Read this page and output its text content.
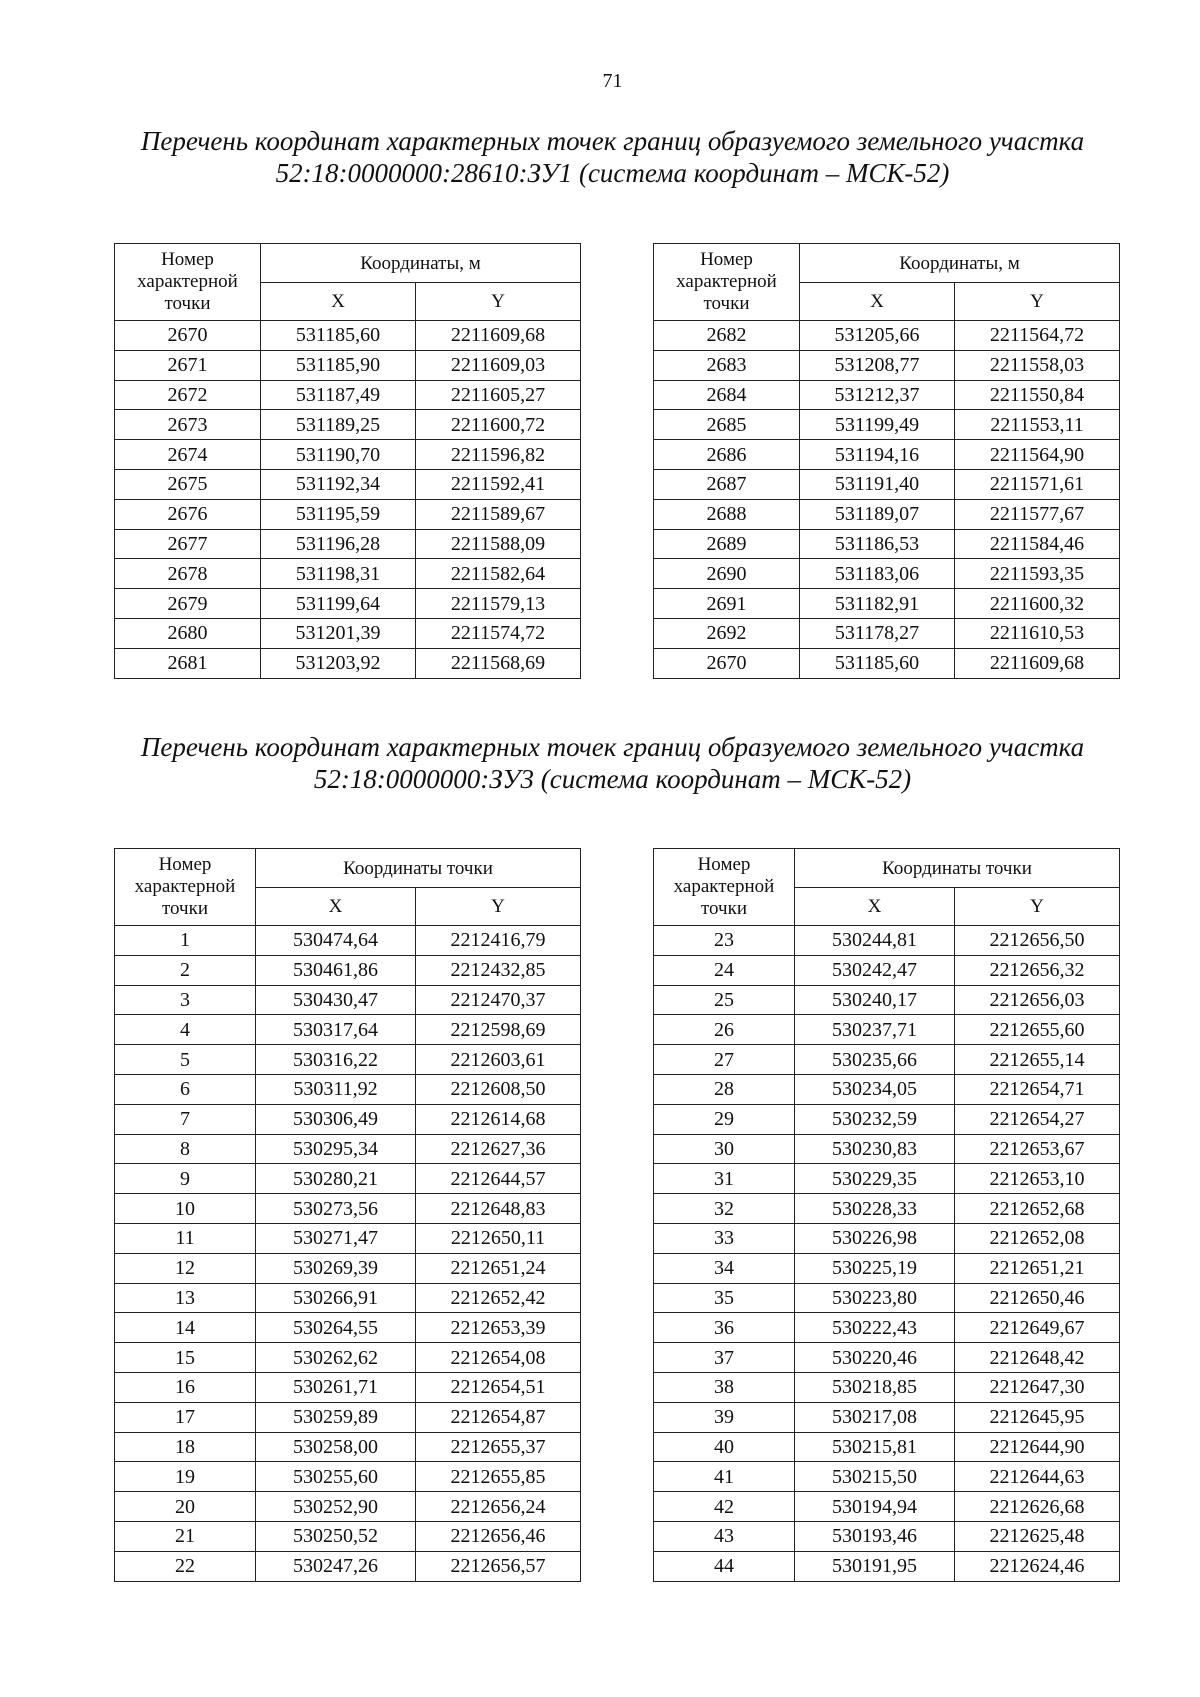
71
Перечень координат характерных точек границ образуемого земельного участка
52:18:0000000:28610:ЗУ1 (система координат – МСК-52)
Номер характерной точки	Координаты, м	
	X	Y
2670	531185,60	2211609,68
2671	531185,90	2211609,03
2672	531187,49	2211605,27
2673	531189,25	2211600,72
2674	531190,70	2211596,82
2675	531192,34	2211592,41
2676	531195,59	2211589,67
2677	531196,28	2211588,09
2678	531198,31	2211582,64
2679	531199,64	2211579,13
2680	531201,39	2211574,72
2681	531203,92	2211568,69
Номер характерной точки	Координаты, м	
	X	Y
2682	531205,66	2211564,72
2683	531208,77	2211558,03
2684	531212,37	2211550,84
2685	531199,49	2211553,11
2686	531194,16	2211564,90
2687	531191,40	2211571,61
2688	531189,07	2211577,67
2689	531186,53	2211584,46
2690	531183,06	2211593,35
2691	531182,91	2211600,32
2692	531178,27	2211610,53
2670	531185,60	2211609,68
Перечень координат характерных точек границ образуемого земельного участка
52:18:0000000:ЗУ3 (система координат – МСК-52)
Номер характерной точки	Координаты точки	
	X	Y
1	530474,64	2212416,79
2	530461,86	2212432,85
3	530430,47	2212470,37
4	530317,64	2212598,69
5	530316,22	2212603,61
6	530311,92	2212608,50
7	530306,49	2212614,68
8	530295,34	2212627,36
9	530280,21	2212644,57
10	530273,56	2212648,83
11	530271,47	2212650,11
12	530269,39	2212651,24
13	530266,91	2212652,42
14	530264,55	2212653,39
15	530262,62	2212654,08
16	530261,71	2212654,51
17	530259,89	2212654,87
18	530258,00	2212655,37
19	530255,60	2212655,85
20	530252,90	2212656,24
21	530250,52	2212656,46
22	530247,26	2212656,57
Номер характерной точки	Координаты точки	
	X	Y
23	530244,81	2212656,50
24	530242,47	2212656,32
25	530240,17	2212656,03
26	530237,71	2212655,60
27	530235,66	2212655,14
28	530234,05	2212654,71
29	530232,59	2212654,27
30	530230,83	2212653,67
31	530229,35	2212653,10
32	530228,33	2212652,68
33	530226,98	2212652,08
34	530225,19	2212651,21
35	530223,80	2212650,46
36	530222,43	2212649,67
37	530220,46	2212648,42
38	530218,85	2212647,30
39	530217,08	2212645,95
40	530215,81	2212644,90
41	530215,50	2212644,63
42	530194,94	2212626,68
43	530193,46	2212625,48
44	530191,95	2212624,46
